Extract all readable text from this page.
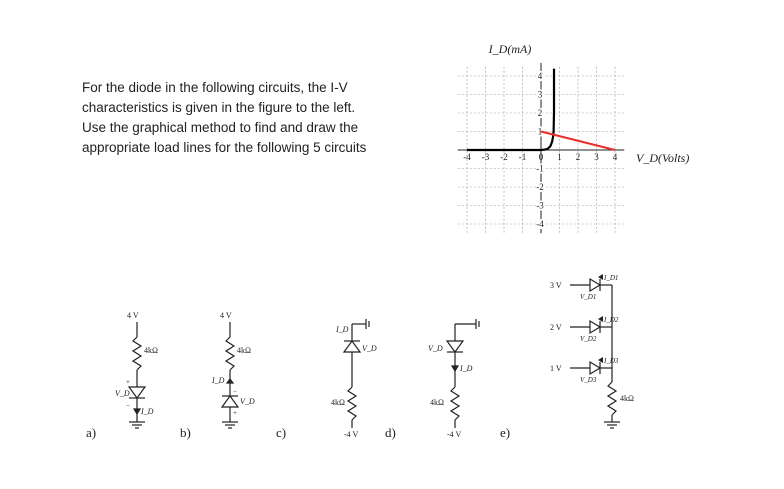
For the diode in the following circuits, the I-V
characteristics is given in the figure to the left.
Use the graphical method to find and draw the
appropriate load lines for the following 5 circuits
-4 -3 -2 -1 0 1 2 3 4
4
3
2
1
-1
-2
-3
-4
I_D(mA)
V_D(Volts)
4 V
4kΩ
V_D
I_D
+
−
a)
4 V
4kΩ
I_D
V_D
−
+
b)
I_D
V_D
4kΩ
-4 V
c)
V_D
I_D
4kΩ
-4 V
d)
3 V
2 V
1 V
I_D1
I_D2
I_D3
V_D1
V_D2
V_D3
4kΩ
e)
